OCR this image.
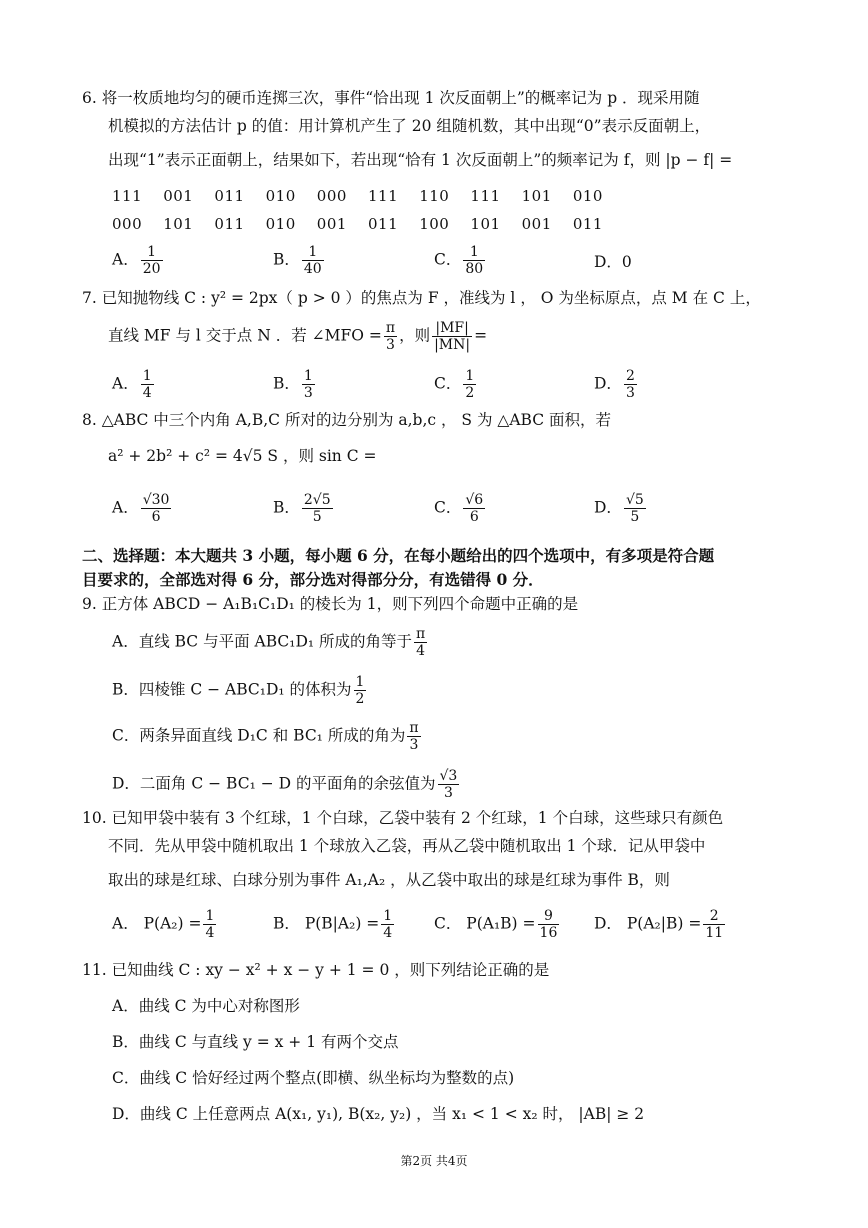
6. 将一枚质地均匀的硬币连掷三次，事件“恰出现 1 次反面朝上”的概率记为 p ．现采用随
机模拟的方法估计 p 的值：用计算机产生了 20 组随机数，其中出现“0”表示反面朝上，
出现“1”表示正面朝上，结果如下，若出现“恰有 1 次反面朝上”的频率记为 f，则 |p − f| =
111    001    011    010    000    111    110    111    101    010
000    101    011    010    001    011    100    101    001    011
A． $\frac{1}{20}$	B． $\frac{1}{40}$	C． $\frac{1}{80}$	D．0
7. 已知抛物线 C : y² = 2px（ p > 0 ）的焦点为 F ，准线为 l ， O 为坐标原点，点 M 在 C 上，
直线 MF 与 l 交于点 N ．若 ∠MFO = $\frac{\pi}{3}$ ，则 $\frac{|MF|}{|MN|}$ =
A． $\frac{1}{4}$	B． $\frac{1}{3}$	C． $\frac{1}{2}$	D． $\frac{2}{3}$
8. △ABC 中三个内角 A,B,C 所对的边分别为 a,b,c ， S 为 △ABC 面积，若
a² + 2b² + c² = 4√5 S ，则 sin C =
A． $\frac{√30}{6}$	B． $\frac{2√5}{5}$	C． $\frac{√6}{6}$	D． $\frac{√5}{5}$
二、选择题：本大题共 3 小题，每小题 6 分，在每小题给出的四个选项中，有多项是符合题
目要求的，全部选对得 6 分，部分选对得部分分，有选错得 0 分．
9. 正方体 ABCD − A₁B₁C₁D₁ 的棱长为 1，则下列四个命题中正确的是
A．直线 BC 与平面 ABC₁D₁ 所成的角等于 $\frac{\pi}{4}$
B．四棱锥 C − ABC₁D₁ 的体积为 $\frac{1}{2}$
C．两条异面直线 D₁C 和 BC₁ 所成的角为 $\frac{\pi}{3}$
D．二面角 C − BC₁ − D 的平面角的余弦值为 $\frac{√3}{3}$
10. 已知甲袋中装有 3 个红球，1 个白球，乙袋中装有 2 个红球，1 个白球，这些球只有颜色
不同．先从甲袋中随机取出 1 个球放入乙袋，再从乙袋中随机取出 1 个球．记从甲袋中
取出的球是红球、白球分别为事件 A₁,A₂ ，从乙袋中取出的球是红球为事件 B，则
A． $P(A_2) = \frac{1}{4}$	B． $P(B|A_2) = \frac{1}{4}$	C． $P(A_1B) = \frac{9}{16}$ D． $P(A_2|B) = \frac{2}{11}$
11. 已知曲线 C : xy − x² + x − y + 1 = 0 ，则下列结论正确的是
A．曲线 C 为中心对称图形
B．曲线 C 与直线 y = x + 1 有两个交点
C．曲线 C 恰好经过两个整点(即横、纵坐标均为整数的点)
D．曲线 C 上任意两点 A(x₁, y₁), B(x₂, y₂) ，当 x₁ < 1 < x₂ 时， |AB| ≥ 2
第2页 共4页
